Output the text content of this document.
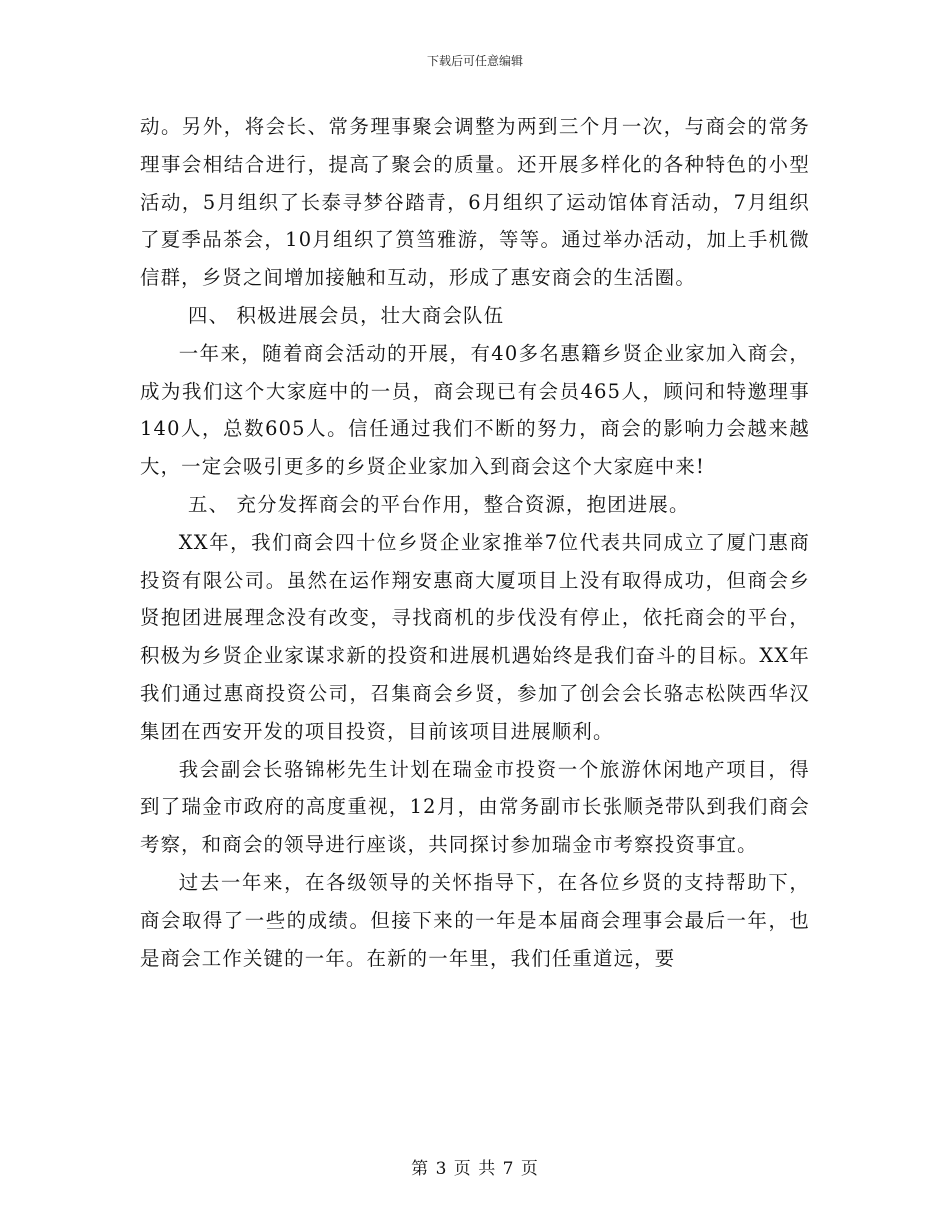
下载后可任意编辑

动。另外，将会长、常务理事聚会调整为两到三个月一次，与商会的常务理事会相结合进行，提高了聚会的质量。还开展多样化的各种特色的小型活动，5月组织了长泰寻梦谷踏青，6月组织了运动馆体育活动，7月组织了夏季品茶会，10月组织了筼筜雅游，等等。通过举办活动，加上手机微信群，乡贤之间增加接触和互动，形成了惠安商会的生活圈。

四、 积极进展会员，壮大商会队伍

一年来，随着商会活动的开展，有40多名惠籍乡贤企业家加入商会，成为我们这个大家庭中的一员，商会现已有会员465人，顾问和特邀理事140人，总数605人。信任通过我们不断的努力，商会的影响力会越来越大，一定会吸引更多的乡贤企业家加入到商会这个大家庭中来!

五、 充分发挥商会的平台作用，整合资源，抱团进展。

XX年，我们商会四十位乡贤企业家推举7位代表共同成立了厦门惠商投资有限公司。虽然在运作翔安惠商大厦项目上没有取得成功，但商会乡贤抱团进展理念没有改变，寻找商机的步伐没有停止，依托商会的平台，积极为乡贤企业家谋求新的投资和进展机遇始终是我们奋斗的目标。XX年我们通过惠商投资公司，召集商会乡贤，参加了创会会长骆志松陕西华汉集团在西安开发的项目投资，目前该项目进展顺利。

我会副会长骆锦彬先生计划在瑞金市投资一个旅游休闲地产项目，得到了瑞金市政府的高度重视，12月，由常务副市长张顺尧带队到我们商会考察，和商会的领导进行座谈，共同探讨参加瑞金市考察投资事宜。

过去一年来，在各级领导的关怀指导下，在各位乡贤的支持帮助下，商会取得了一些的成绩。但接下来的一年是本届商会理事会最后一年，也是商会工作关键的一年。在新的一年里，我们任重道远，要

第 3 页 共 7 页
